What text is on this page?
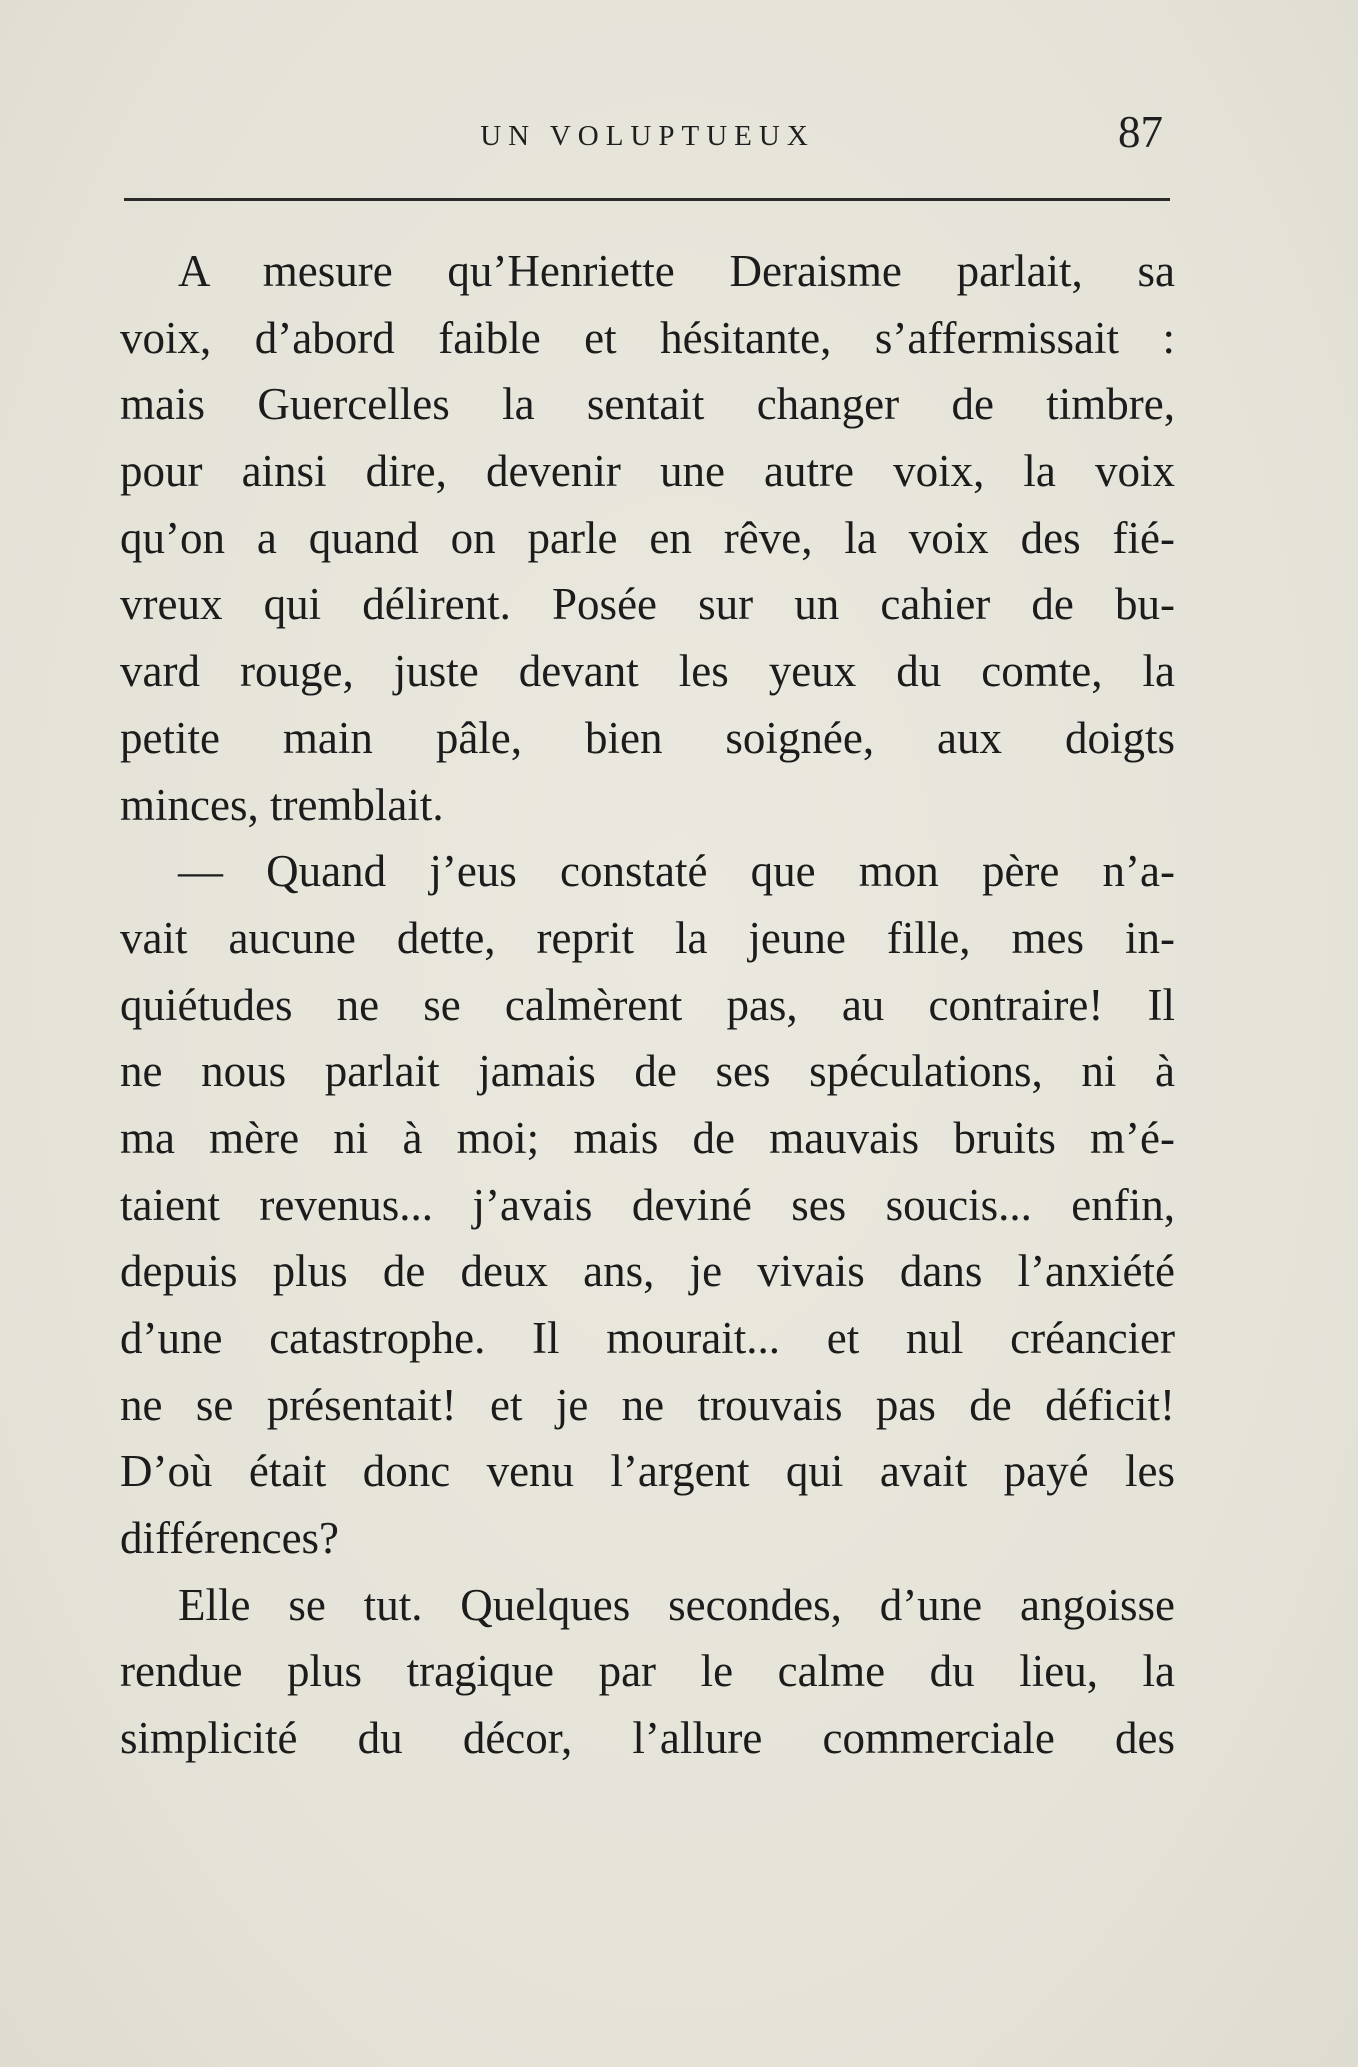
UN VOLUPTUEUX	87
A mesure qu’Henriette Deraisme parlait, sa
voix, d’abord faible et hésitante, s’affermissait :
mais Guercelles la sentait changer de timbre,
pour ainsi dire, devenir une autre voix, la voix
qu’on a quand on parle en rêve, la voix des fié-
vreux qui délirent. Posée sur un cahier de bu-
vard rouge, juste devant les yeux du comte, la
petite main pâle, bien soignée, aux doigts
minces, tremblait.
— Quand j’eus constaté que mon père n’a-
vait aucune dette, reprit la jeune fille, mes in-
quiétudes ne se calmèrent pas, au contraire! Il
ne nous parlait jamais de ses spéculations, ni à
ma mère ni à moi; mais de mauvais bruits m’é-
taient revenus... j’avais deviné ses soucis... enfin,
depuis plus de deux ans, je vivais dans l’anxiété
d’une catastrophe. Il mourait... et nul créancier
ne se présentait! et je ne trouvais pas de déficit!
D’où était donc venu l’argent qui avait payé les
différences?
Elle se tut. Quelques secondes, d’une angoisse
rendue plus tragique par le calme du lieu, la
simplicité du décor, l’allure commerciale des
